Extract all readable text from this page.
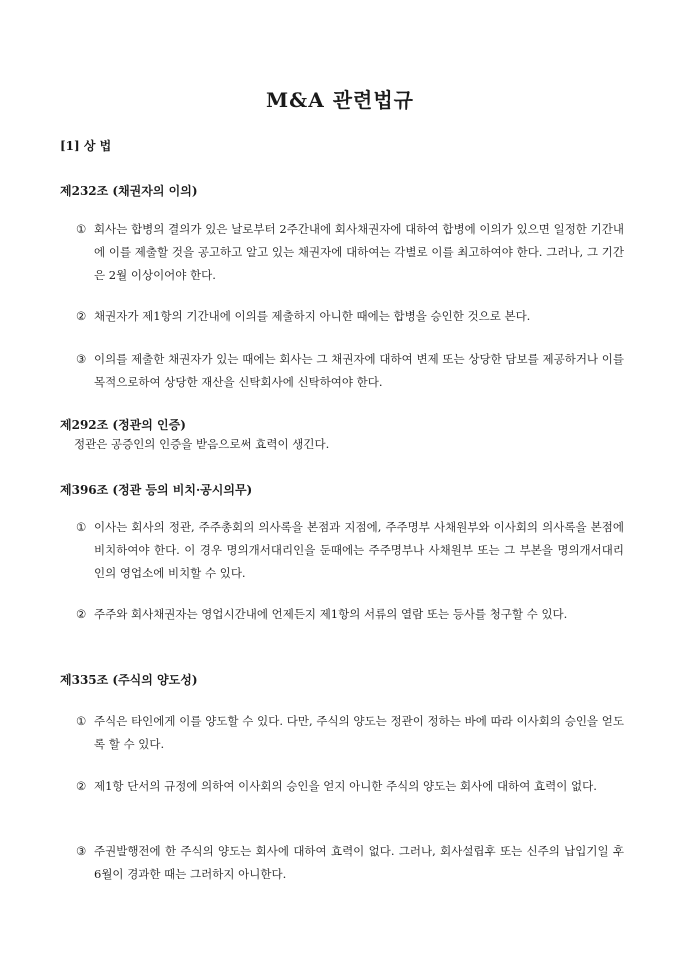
M&A 관련법규
[1] 상 법
제232조 (채권자의 이의)
① 회사는 합병의 결의가 있은 날로부터 2주간내에 회사채권자에 대하여 합병에 이의가 있으면 일정한 기간내에 이를 제출할 것을 공고하고 알고 있는 채권자에 대하여는 각별로 이를 최고하여야 한다. 그러나, 그 기간은 2월 이상이어야 한다.
② 채권자가 제1항의 기간내에 이의를 제출하지 아니한 때에는 합병을 승인한 것으로 본다.
③ 이의를 제출한 채권자가 있는 때에는 회사는 그 채권자에 대하여 변제 또는 상당한 담보를 제공하거나 이를 목적으로하여 상당한 재산을 신탁회사에 신탁하여야 한다.
제292조 (정관의 인증)

정관은 공증인의 인증을 받음으로써 효력이 생긴다.

제396조 (정관 등의 비치·공시의무)
① 이사는 회사의 정관, 주주총회의 의사록을 본점과 지점에, 주주명부 사채원부와 이사회의 의사록을 본점에 비치하여야 한다. 이 경우 명의개서대리인을 둔때에는 주주명부나 사채원부 또는 그 부본을 명의개서대리인의 영업소에 비치할 수 있다.
② 주주와 회사채권자는 영업시간내에 언제든지 제1항의 서류의 열람 또는 등사를 청구할 수 있다.
제335조 (주식의 양도성)
① 주식은 타인에게 이를 양도할 수 있다. 다만, 주식의 양도는 정관이 정하는 바에 따라 이사회의 승인을 얻도록 할 수 있다.
② 제1항 단서의 규정에 의하여 이사회의 승인을 얻지 아니한 주식의 양도는 회사에 대하여 효력이 없다.
③ 주권발행전에 한 주식의 양도는 회사에 대하여 효력이 없다. 그러나, 회사설립후 또는 신주의 납입기일 후 6월이 경과한 때는 그러하지 아니한다.
